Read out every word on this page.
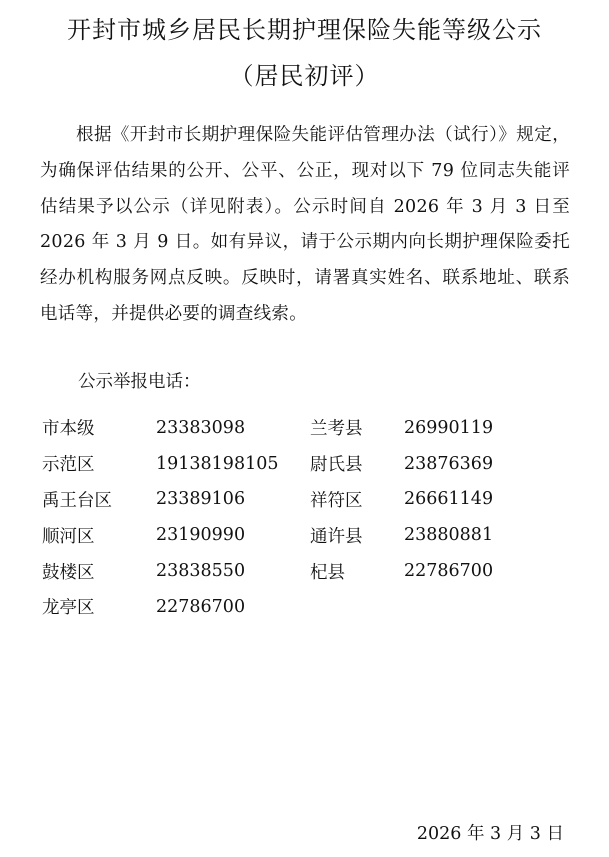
开封市城乡居民长期护理保险失能等级公示
（居民初评）

根据《开封市长期护理保险失能评估管理办法（试行）》规定，为确保评估结果的公开、公平、公正，现对以下 79 位同志失能评估结果予以公示（详见附表）。公示时间自 2026 年 3 月 3 日至 2026 年 3 月 9 日。如有异议，请于公示期内向长期护理保险委托经办机构服务网点反映。反映时，请署真实姓名、联系地址、联系电话等，并提供必要的调查线索。

公示举报电话：

市本级	23383098	兰考县	26990119
示范区	19138198105	尉氏县	23876369
禹王台区	23389106	祥符区	26661149
顺河区	23190990	通许县	23880881
鼓楼区	23838550	杞县	22786700
龙亭区	22786700		

2026 年 3 月 3 日
